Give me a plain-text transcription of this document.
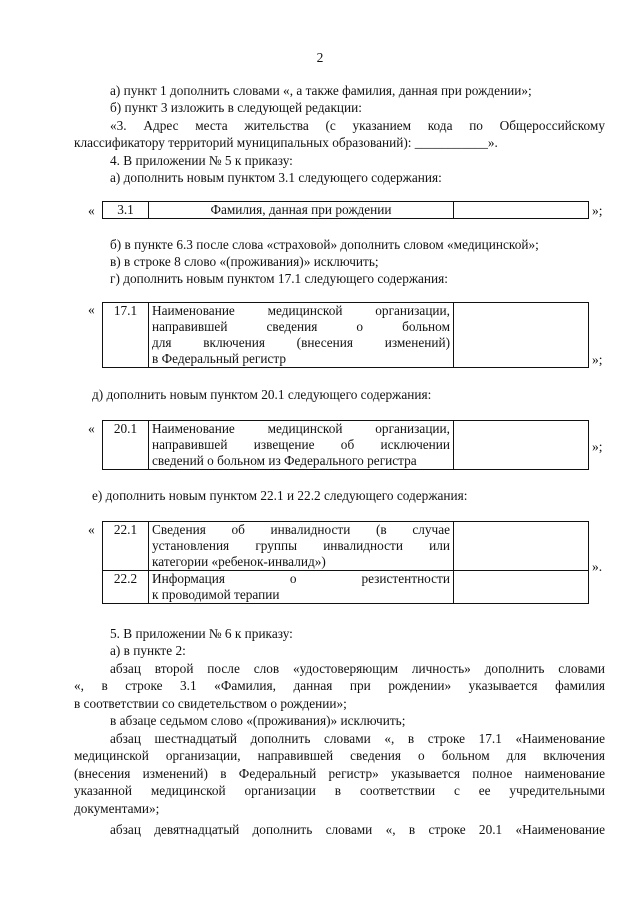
2
а) пункт 1 дополнить словами «, а также фамилия, данная при рождении»;
б) пункт 3 изложить в следующей редакции:
«3. Адрес места жительства (с указанием кода по Общероссийскому
классификатору территорий муниципальных образований): ___________».
4. В приложении № 5 к приказу:
а) дополнить новым пунктом 3.1 следующего содержания:
« 3.1	Фамилия, данная при рождении		»;
б) в пункте 6.3 после слова «страховой» дополнить словом «медицинской»;
в) в строке 8 слово «(проживания)» исключить;
г) дополнить новым пунктом 17.1 следующего содержания:
« 17.1	Наименование медицинской организации,
направившей сведения о больном
для включения (внесения изменений)
в Федеральный регистр
		»;
д) дополнить новым пунктом 20.1 следующего содержания:
« 20.1	Наименование медицинской организации,
направившей извещение об исключении
сведений о больном из Федерального регистра

»;
е) дополнить новым пунктом 22.1 и 22.2 следующего содержания:
« 22.1	Сведения об инвалидности (в случае
установления группы инвалидности или
категории «ребенок-инвалид»)	

22.2	Информация о резистентности
к проводимой терапии	

».
5. В приложении № 6 к приказу:
а) в пункте 2:
абзац второй после слов «удостоверяющим личность» дополнить словами
«, в строке 3.1 «Фамилия, данная при рождении» указывается фамилия
в соответствии со свидетельством о рождении»;
в абзаце седьмом слово «(проживания)» исключить;
абзац шестнадцатый дополнить словами «, в строке 17.1 «Наименование
медицинской организации, направившей сведения о больном для включения
(внесения изменений) в Федеральный регистр» указывается полное наименование
указанной медицинской организации в соответствии с ее учредительными
документами»;
абзац девятнадцатый дополнить словами «, в строке 20.1 «Наименование
